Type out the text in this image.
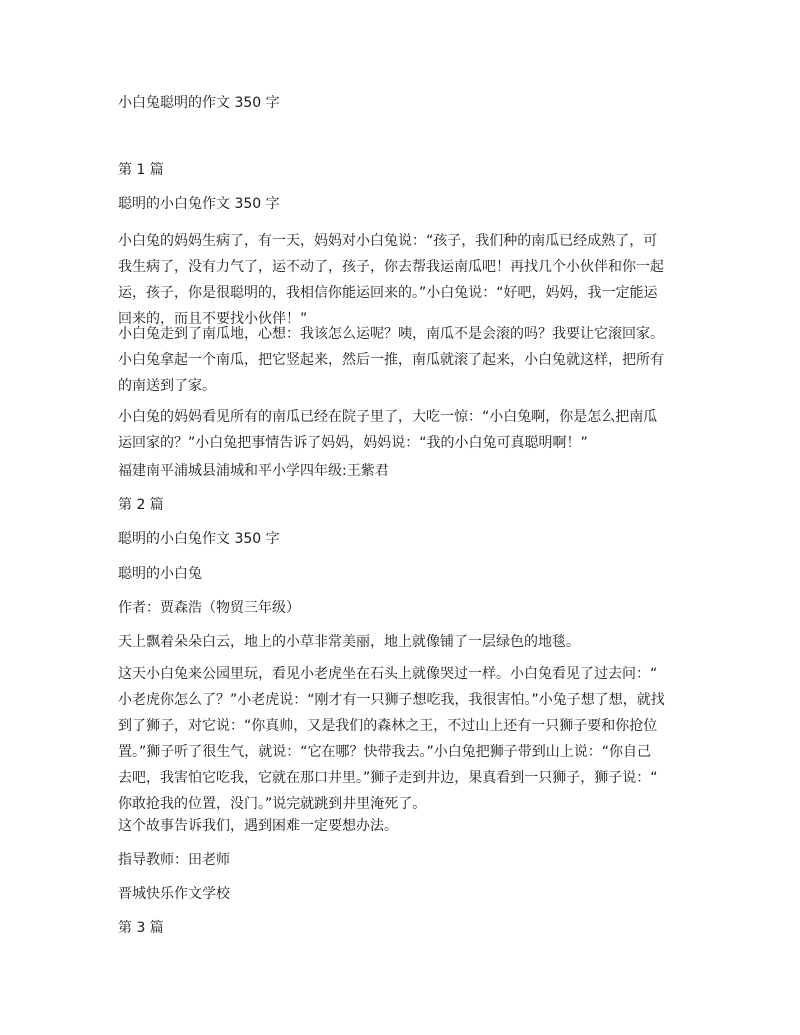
小白兔聪明的作文 350 字
第 1 篇
聪明的小白兔作文 350 字
小白兔的妈妈生病了，有一天，妈妈对小白兔说：“孩子，我们种的南瓜已经成熟了，可
我生病了，没有力气了，运不动了，孩子，你去帮我运南瓜吧！再找几个小伙伴和你一起
运，孩子，你是很聪明的，我相信你能运回来的。”小白兔说：“好吧，妈妈，我一定能运
回来的，而且不要找小伙伴！”
小白兔走到了南瓜地，心想：我该怎么运呢？咦，南瓜不是会滚的吗？我要让它滚回家。
小白兔拿起一个南瓜，把它竖起来，然后一推，南瓜就滚了起来，小白兔就这样，把所有
的南送到了家。
小白兔的妈妈看见所有的南瓜已经在院子里了，大吃一惊：“小白兔啊，你是怎么把南瓜
运回家的？”小白兔把事情告诉了妈妈，妈妈说：“我的小白兔可真聪明啊！”
福建南平浦城县浦城和平小学四年级:王紫君
第 2 篇
聪明的小白兔作文 350 字
聪明的小白兔
作者：贾森浩（物贸三年级）
天上飘着朵朵白云，地上的小草非常美丽，地上就像铺了一层绿色的地毯。
这天小白兔来公园里玩，看见小老虎坐在石头上就像哭过一样。小白兔看见了过去问：“
小老虎你怎么了？”小老虎说：“刚才有一只狮子想吃我，我很害怕。”小兔子想了想，就找
到了狮子，对它说：“你真帅，又是我们的森林之王，不过山上还有一只狮子要和你抢位
置。”狮子听了很生气，就说：“它在哪？快带我去。”小白兔把狮子带到山上说：“你自己
去吧，我害怕它吃我，它就在那口井里。”狮子走到井边，果真看到一只狮子，狮子说：“
你敢抢我的位置，没门。”说完就跳到井里淹死了。
这个故事告诉我们，遇到困难一定要想办法。
指导教师：田老师
晋城快乐作文学校
第 3 篇
